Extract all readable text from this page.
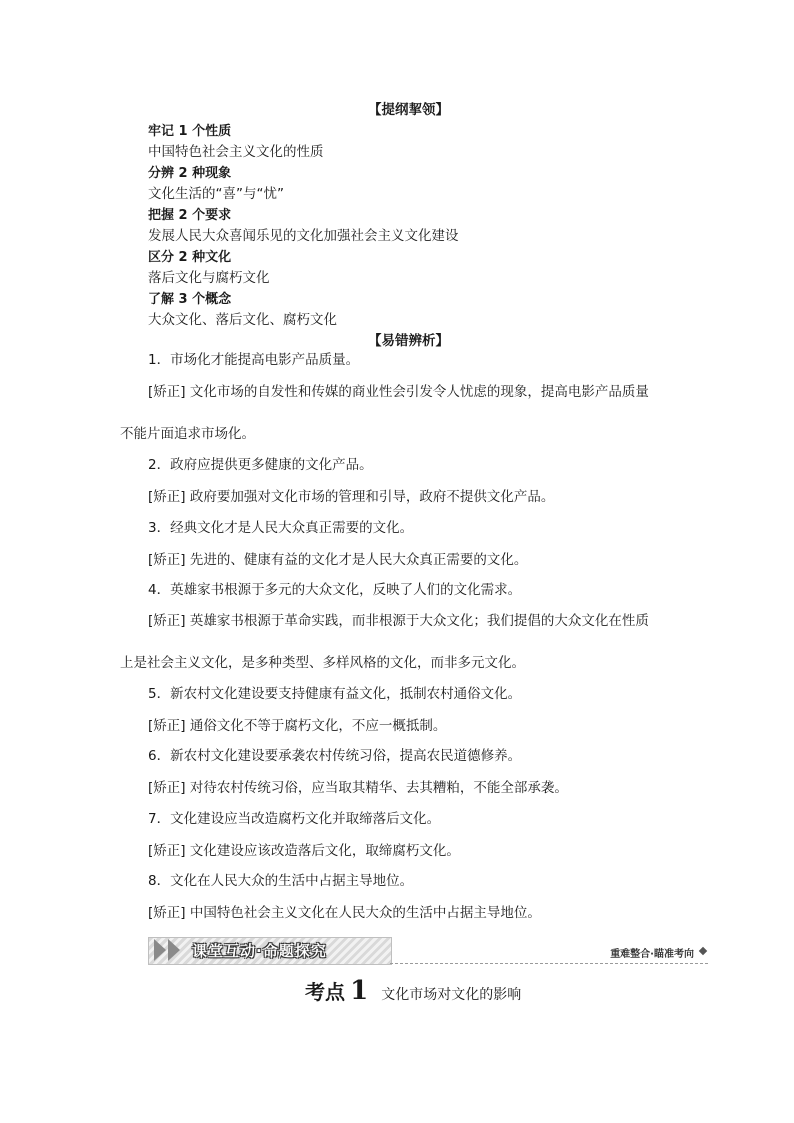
【提纲挈领】
牢记 1 个性质
中国特色社会主义文化的性质
分辨 2 种现象
文化生活的“喜”与“忧”
把握 2 个要求
发展人民大众喜闻乐见的文化加强社会主义文化建设
区分 2 种文化
落后文化与腐朽文化
了解 3 个概念
大众文化、落后文化、腐朽文化
【易错辨析】
1．市场化才能提高电影产品质量。
[矫正] 文化市场的自发性和传媒的商业性会引发令人忧虑的现象，提高电影产品质量
不能片面追求市场化。
2．政府应提供更多健康的文化产品。
[矫正] 政府要加强对文化市场的管理和引导，政府不提供文化产品。
3．经典文化才是人民大众真正需要的文化。
[矫正] 先进的、健康有益的文化才是人民大众真正需要的文化。
4．英雄家书根源于多元的大众文化，反映了人们的文化需求。
[矫正] 英雄家书根源于革命实践，而非根源于大众文化；我们提倡的大众文化在性质
上是社会主义文化，是多种类型、多样风格的文化，而非多元文化。
5．新农村文化建设要支持健康有益文化，抵制农村通俗文化。
[矫正] 通俗文化不等于腐朽文化，不应一概抵制。
6．新农村文化建设要承袭农村传统习俗，提高农民道德修养。
[矫正] 对待农村传统习俗，应当取其精华、去其糟粕，不能全部承袭。
7．文化建设应当改造腐朽文化并取缔落后文化。
[矫正] 文化建设应该改造落后文化，取缔腐朽文化。
8．文化在人民大众的生活中占据主导地位。
[矫正] 中国特色社会主义文化在人民大众的生活中占据主导地位。
课堂互动·命题探究	重难整合·瞄准考向
考点 1 文化市场对文化的影响
